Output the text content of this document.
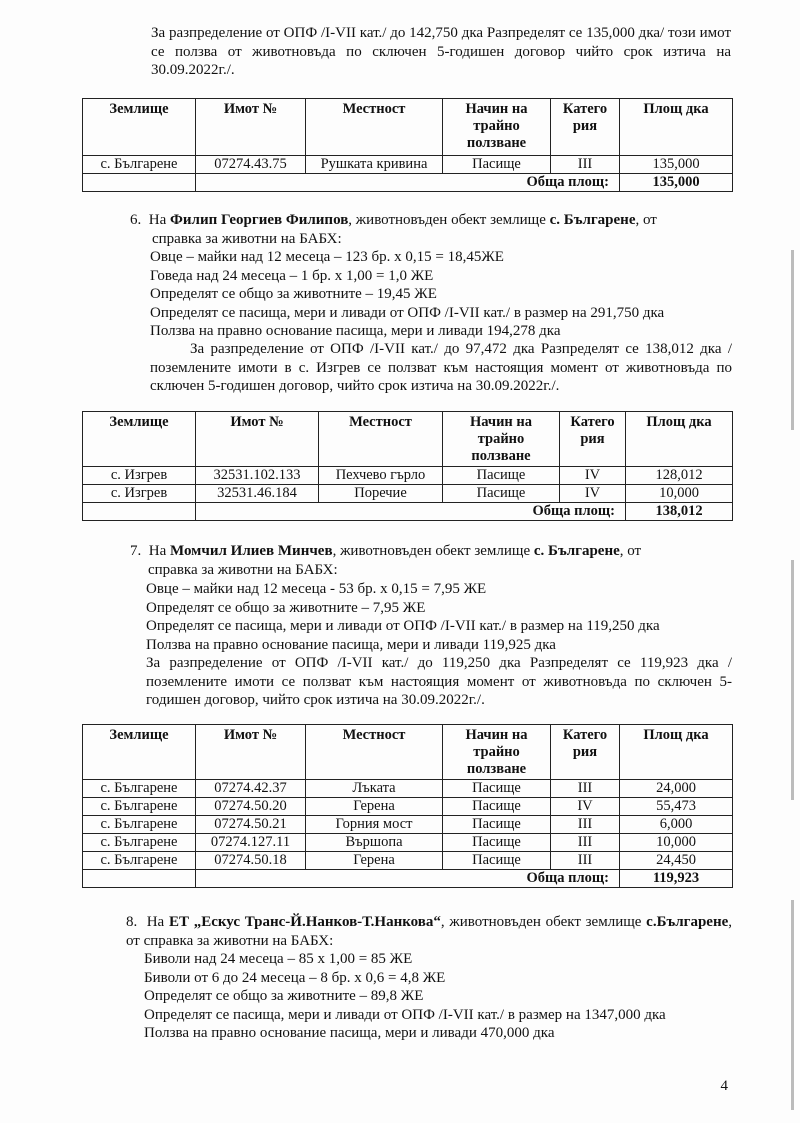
За разпределение от ОПФ /I-VII кат./ до 142,750 дка Разпределят се 135,000 дка/ този имот се ползва от животновъда по сключен 5-годишен договор чийто срок изтича на 30.09.2022г./.

Землище	Имот №	Местност	Начин на трайно ползване	Катего рия	Площ дка
с. Българене	07274.43.75	Рушката кривина	Пасище	III	135,000
	Обща площ:				135,000

6. На Филип Георгиев Филипов, животновъден обект землище с. Българене, от

справка за животни на БАБХ:

Овце – майки над 12 месеца – 123 бр. х 0,15 = 18,45ЖЕ

Говеда над 24 месеца – 1 бр. х 1,00 = 1,0 ЖЕ

Определят се общо за животните – 19,45 ЖЕ

Определят се пасища, мери и ливади от ОПФ /I-VII кат./ в размер на 291,750 дка

Ползва на правно основание пасища, мери и ливади 194,278 дка

За разпределение от ОПФ /I-VII кат./ до 97,472 дка Разпределят се 138,012 дка /поземлените имоти в с. Изгрев се ползват към настоящия момент от животновъда по сключен 5-годишен договор, чийто срок изтича на 30.09.2022г./.

Землище	Имот №	Местност	Начин на трайно ползване	Катего рия	Площ дка
с. Изгрев	32531.102.133	Пехчево гърло	Пасище	IV	128,012
с. Изгрев	32531.46.184	Поречие	Пасище	IV	10,000
	Обща площ:				138,012

7. На Момчил Илиев Минчев, животновъден обект землище с. Българене, от

справка за животни на БАБХ:

Овце – майки над 12 месеца - 53 бр. х 0,15 = 7,95 ЖЕ

Определят се общо за животните – 7,95 ЖЕ

Определят се пасища, мери и ливади от ОПФ /I-VII кат./ в размер на 119,250 дка

Ползва на правно основание пасища, мери и ливади 119,925 дка

За разпределение от ОПФ /I-VII кат./ до 119,250 дка Разпределят се 119,923 дка /поземлените имоти се ползват към настоящия момент от животновъда по сключен 5-годишен договор, чийто срок изтича на 30.09.2022г./.

Землище	Имот №	Местност	Начин на трайно ползване	Катего рия	Площ дка
с. Българене	07274.42.37	Лъката	Пасище	III	24,000
с. Българене	07274.50.20	Герена	Пасище	IV	55,473
с. Българене	07274.50.21	Горния мост	Пасище	III	6,000
с. Българене	07274.127.11	Вършопа	Пасище	III	10,000
с. Българене	07274.50.18	Герена	Пасище	III	24,450
	Обща площ:				119,923

8. На ЕТ „Ескус Транс-Й.Нанков-Т.Нанкова“, животновъден обект землище с.Българене, от справка за животни на БАБХ:

Биволи над 24 месеца – 85 х 1,00 = 85 ЖЕ

Биволи от 6 до 24 месеца – 8 бр. х 0,6 = 4,8 ЖЕ

Определят се общо за животните – 89,8 ЖЕ

Определят се пасища, мери и ливади от ОПФ /I-VII кат./ в размер на 1347,000 дка

Ползва на правно основание пасища, мери и ливади 470,000 дка

4
